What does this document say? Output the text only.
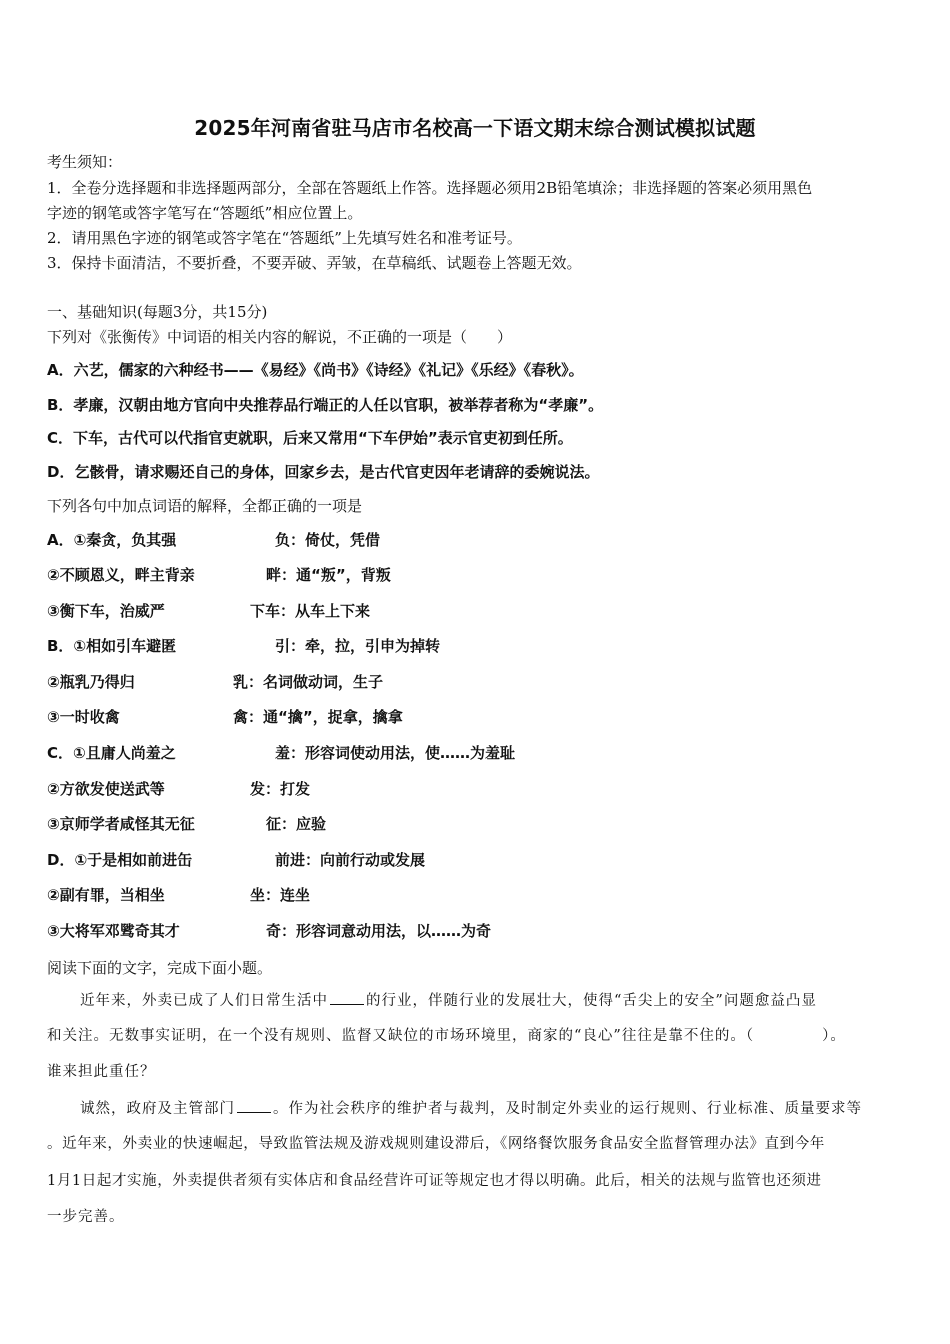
2025年河南省驻马店市名校高一下语文期末综合测试模拟试题
考生须知：
1．全卷分选择题和非选择题两部分，全部在答题纸上作答。选择题必须用2B铅笔填涂；非选择题的答案必须用黑色
字迹的钢笔或答字笔写在“答题纸”相应位置上。
2．请用黑色字迹的钢笔或答字笔在“答题纸”上先填写姓名和准考证号。
3．保持卡面清洁，不要折叠，不要弄破、弄皱，在草稿纸、试题卷上答题无效。
一、基础知识(每题3分，共15分)
下列对《张衡传》中词语的相关内容的解说，不正确的一项是（ ）
A．六艺，儒家的六种经书——《易经》《尚书》《诗经》《礼记》《乐经》《春秋》。
B．孝廉，汉朝由地方官向中央推荐品行端正的人任以官职，被举荐者称为“孝廉”。
C．下车，古代可以代指官吏就职，后来又常用“下车伊始”表示官吏初到任所。
D．乞骸骨，请求赐还自己的身体，回家乡去，是古代官吏因年老请辞的委婉说法。
下列各句中加点词语的解释，全都正确的一项是
A．①秦贪，负其强	负：倚仗，凭借
②不顾恩义，畔主背亲	畔：通“叛”，背叛
③衡下车，治威严	下车：从车上下来
B．①相如引车避匿	引：牵，拉，引申为掉转
②瓶乳乃得归	乳：名词做动词，生子
③一时收禽	禽：通“擒”，捉拿，擒拿
C．①且庸人尚羞之	羞：形容词使动用法，使……为羞耻
②方欲发使送武等	发：打发
③京师学者咸怪其无征	征：应验
D．①于是相如前进缶	前进：向前行动或发展
②副有罪，当相坐	坐：连坐
③大将军邓骘奇其才	奇：形容词意动用法，以……为奇
阅读下面的文字，完成下面小题。
近年来，外卖已成了人们日常生活中	的行业，伴随行业的发展壮大，使得“舌尖上的安全”问题愈益凸显
和关注。无数事实证明，在一个没有规则、监督又缺位的市场环境里，商家的“良心”往往是靠不住的。（	）。
谁来担此重任？
诚然，政府及主管部门	。作为社会秩序的维护者与裁判，及时制定外卖业的运行规则、行业标准、质量要求等
。近年来，外卖业的快速崛起，导致监管法规及游戏规则建设滞后，《网络餐饮服务食品安全监督管理办法》直到今年
1月1日起才实施，外卖提供者须有实体店和食品经营许可证等规定也才得以明确。此后，相关的法规与监管也还须进
一步完善。
